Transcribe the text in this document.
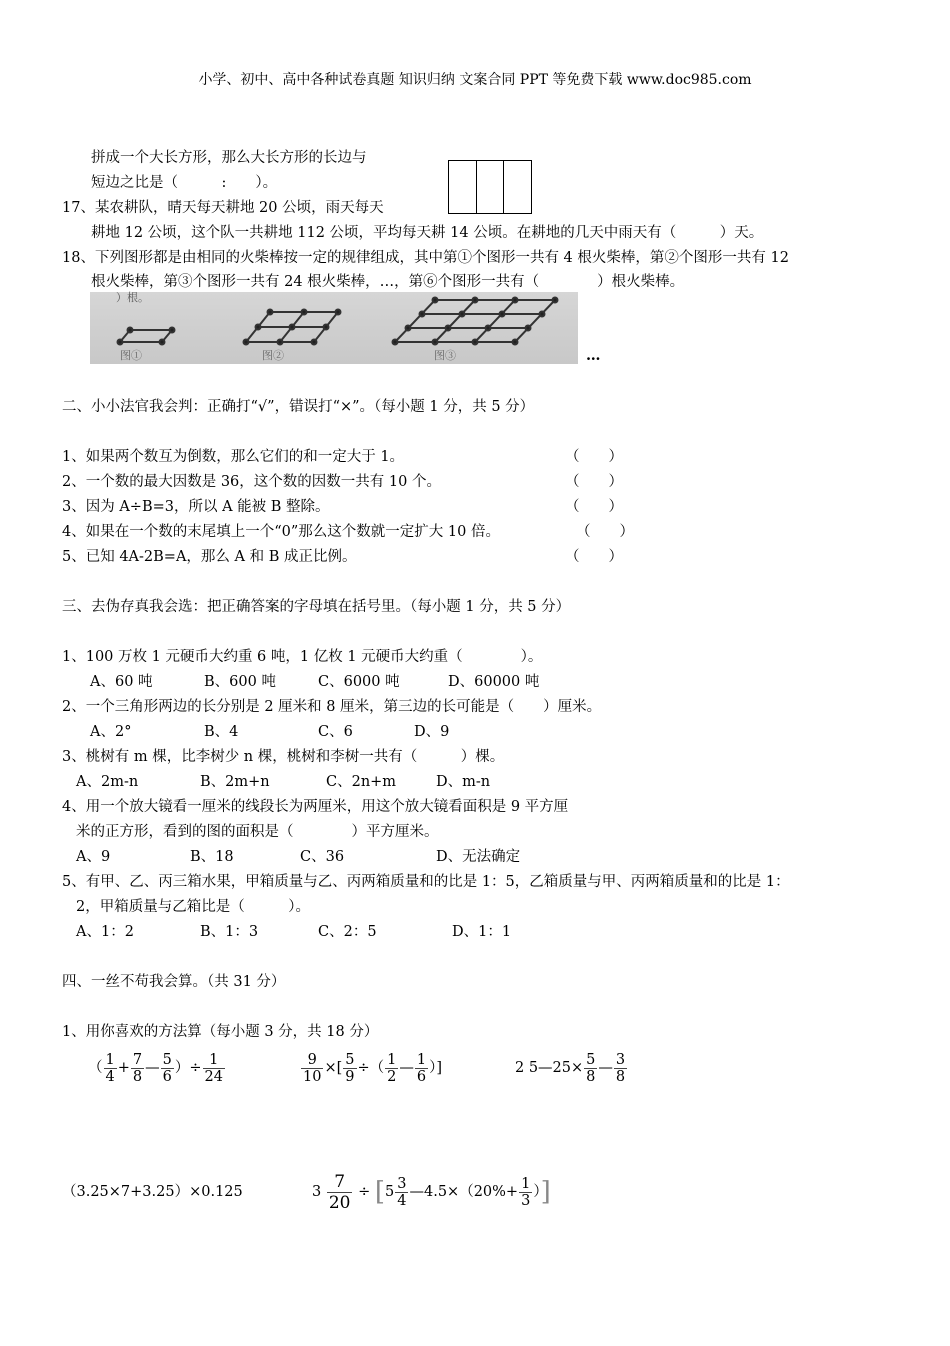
小学、初中、高中各种试卷真题 知识归纳 文案合同 PPT 等免费下载 www.doc985.com
拼成一个大长方形，那么大长方形的长边与
短边之比是（　　　:　　）。
17、某农耕队，晴天每天耕地 20 公顷，雨天每天
耕地 12 公顷，这个队一共耕地 112 公顷，平均每天耕 14 公顷。在耕地的几天中雨天有（　　　）天。
18、下列图形都是由相同的火柴棒按一定的规律组成，其中第①个图形一共有 4 根火柴棒，第②个图形一共有 12
根火柴棒，第③个图形一共有 24 根火柴棒，…，第⑥个图形一共有（　　　　）根火柴棒。
）根。
图①	图②	图③	…
二、小小法官我会判：正确打“√”，错误打“×”。（每小题 1 分，共 5 分）
1、如果两个数互为倒数，那么它们的和一定大于 1。	（　　）
2、一个数的最大因数是 36，这个数的因数一共有 10 个。	（　　）
3、因为 A÷B=3，所以 A 能被 B 整除。	（　　）
4、如果在一个数的末尾填上一个“0”那么这个数就一定扩大 10 倍。	（　　）
5、已知 4A-2B=A，那么 A 和 B 成正比例。	（　　）
三、去伪存真我会选：把正确答案的字母填在括号里。（每小题 1 分，共 5 分）
1、100 万枚 1 元硬币大约重 6 吨，1 亿枚 1 元硬币大约重（　　　　）。
A、60 吨	B、600 吨	C、6000 吨	D、60000 吨
2、一个三角形两边的长分别是 2 厘米和 8 厘米，第三边的长可能是（　　）厘米。
A、2°	B、4	C、6	D、9
3、桃树有 m 棵，比李树少 n 棵，桃树和李树一共有（　　　）棵。
A、2m-n	B、2m+n	C、2n+m	D、m-n
4、用一个放大镜看一厘米的线段长为两厘米，用这个放大镜看面积是 9 平方厘
米的正方形，看到的图的面积是（　　　　）平方厘米。
A、9	B、18	C、36	D、无法确定
5、有甲、乙、丙三箱水果，甲箱质量与乙、丙两箱质量和的比是 1：5，乙箱质量与甲、丙两箱质量和的比是 1：
2，甲箱质量与乙箱比是（　　　）。
A、1：2	B、1：3	C、2：5	D、1：1
四、一丝不苟我会算。（共 31 分）
1、用你喜欢的方法算（每小题 3 分，共 18 分）
（ $\frac{1}{4} + \frac{7}{8}$ — $\frac{5}{6}$ ）÷ $\frac{1}{24}$	$\frac{9}{10}$ ×[ $\frac{5}{9}$ ÷（ $\frac{1}{2}$ — $\frac{1}{6}$ ）]	2 5—25× $\frac{5}{8}$ — $\frac{3}{8}$
（3.25×7+3.25）×0.125	$3 \frac{7}{20} \div [5 \frac{3}{4}$ —4.5×（20%+ $\frac{1}{3}$ ）]
